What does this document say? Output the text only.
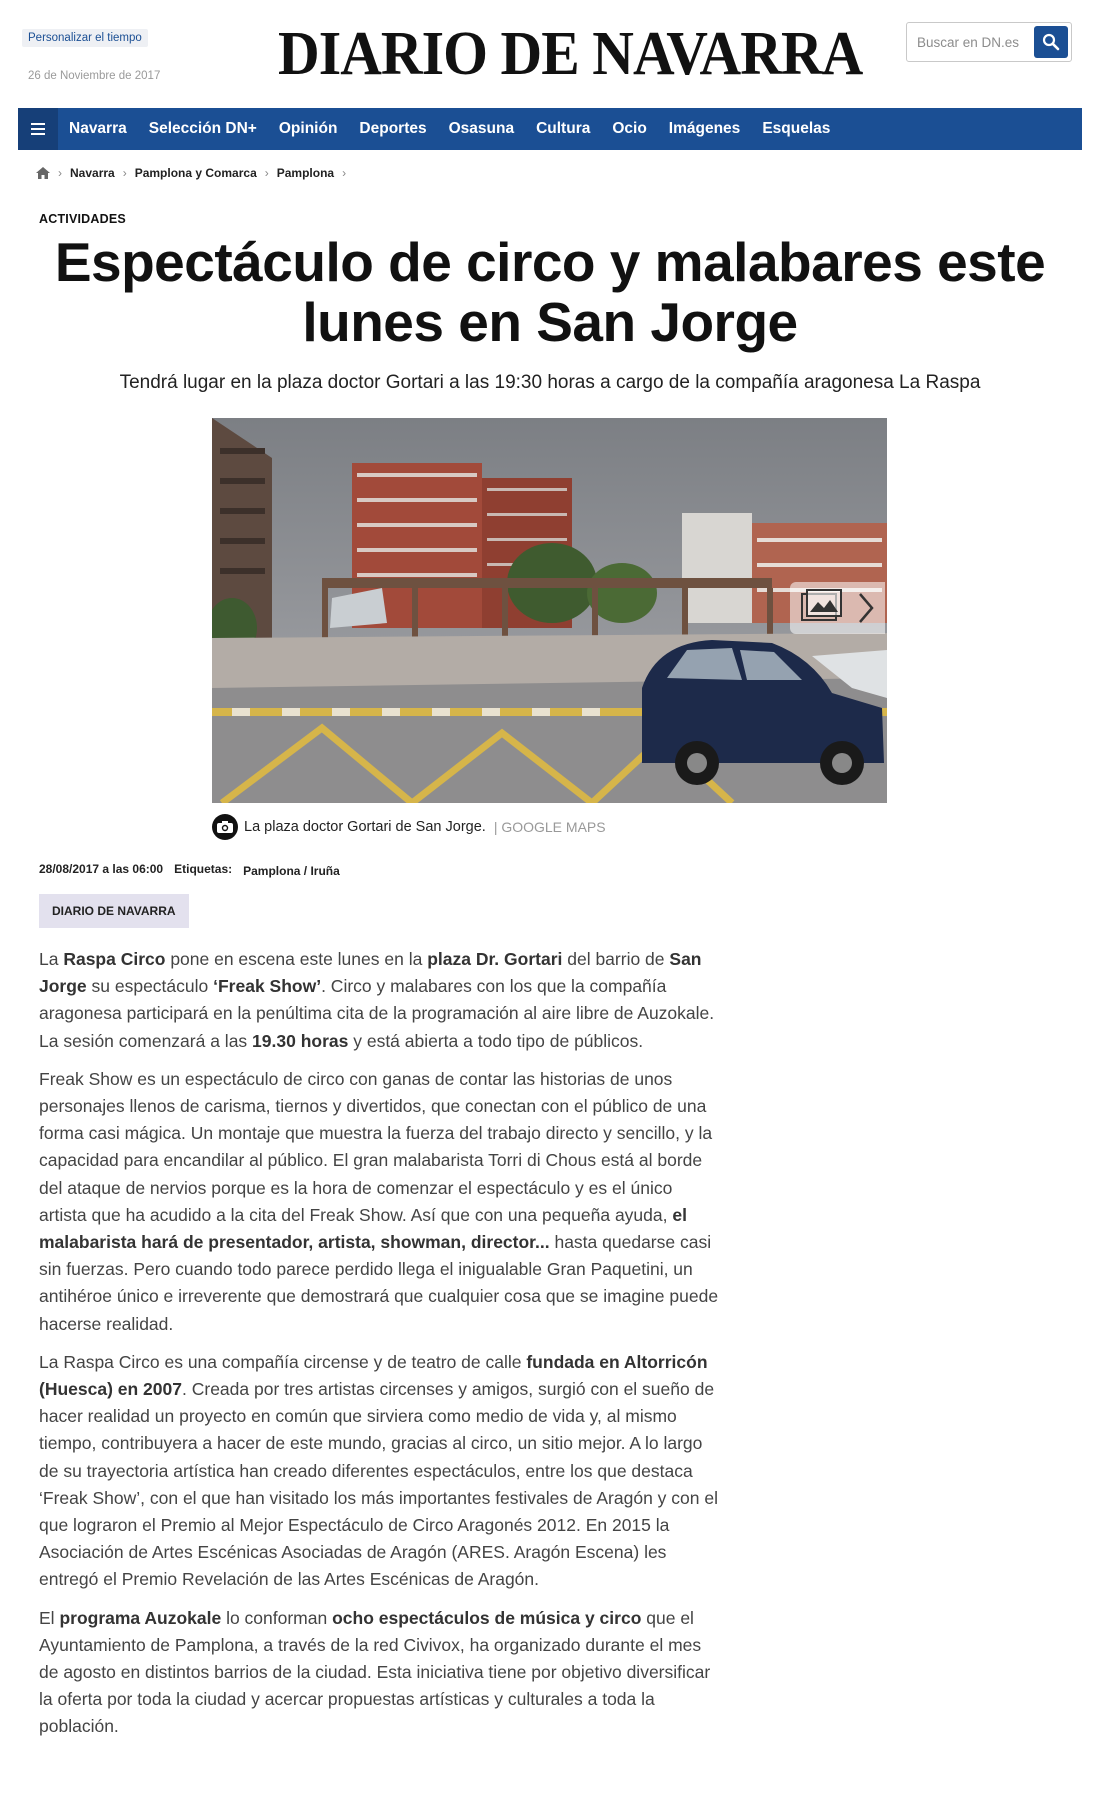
Personalizar el tiempo
26 de Noviembre de 2017 DIARIO DE NAVARRA
Buscar en DN.es
Navarra	Selección DN+	Opinión	Deportes	Osasuna	Cultura	Ocio	Imágenes	Esquelas
› Navarra › Pamplona y Comarca › Pamplona ›
ACTIVIDADES
Espectáculo de circo y malabares este lunes en San Jorge
Tendrá lugar en la plaza doctor Gortari a las 19:30 horas a cargo de la compañía aragonesa La Raspa
La plaza doctor Gortari de San Jorge. | GOOGLE MAPS
28/08/2017 a las 06:00 Etiquetas: Pamplona / Iruña
DIARIO DE NAVARRA

La Raspa Circo pone en escena este lunes en la plaza Dr. Gortari del barrio de San Jorge su espectáculo ‘Freak Show’. Circo y malabares con los que la compañía aragonesa participará en la penúltima cita de la programación al aire libre de Auzokale. La sesión comenzará a las 19.30 horas y está abierta a todo tipo de públicos.

Freak Show es un espectáculo de circo con ganas de contar las historias de unos personajes llenos de carisma, tiernos y divertidos, que conectan con el público de una forma casi mágica. Un montaje que muestra la fuerza del trabajo directo y sencillo, y la capacidad para encandilar al público. El gran malabarista Torri di Chous está al borde del ataque de nervios porque es la hora de comenzar el espectáculo y es el único artista que ha acudido a la cita del Freak Show. Así que con una pequeña ayuda, el malabarista hará de presentador, artista, showman, director... hasta quedarse casi sin fuerzas. Pero cuando todo parece perdido llega el inigualable Gran Paquetini, un antihéroe único e irreverente que demostrará que cualquier cosa que se imagine puede hacerse realidad.

La Raspa Circo es una compañía circense y de teatro de calle fundada en Altorricón (Huesca) en 2007. Creada por tres artistas circenses y amigos, surgió con el sueño de hacer realidad un proyecto en común que sirviera como medio de vida y, al mismo tiempo, contribuyera a hacer de este mundo, gracias al circo, un sitio mejor. A lo largo de su trayectoria artística han creado diferentes espectáculos, entre los que destaca ‘Freak Show’, con el que han visitado los más importantes festivales de Aragón y con el que lograron el Premio al Mejor Espectáculo de Circo Aragonés 2012. En 2015 la Asociación de Artes Escénicas Asociadas de Aragón (ARES. Aragón Escena) les entregó el Premio Revelación de las Artes Escénicas de Aragón.

El programa Auzokale lo conforman ocho espectáculos de música y circo que el Ayuntamiento de Pamplona, a través de la red Civivox, ha organizado durante el mes de agosto en distintos barrios de la ciudad. Esta iniciativa tiene por objetivo diversificar la oferta por toda la ciudad y acercar propuestas artísticas y culturales a toda la población.
